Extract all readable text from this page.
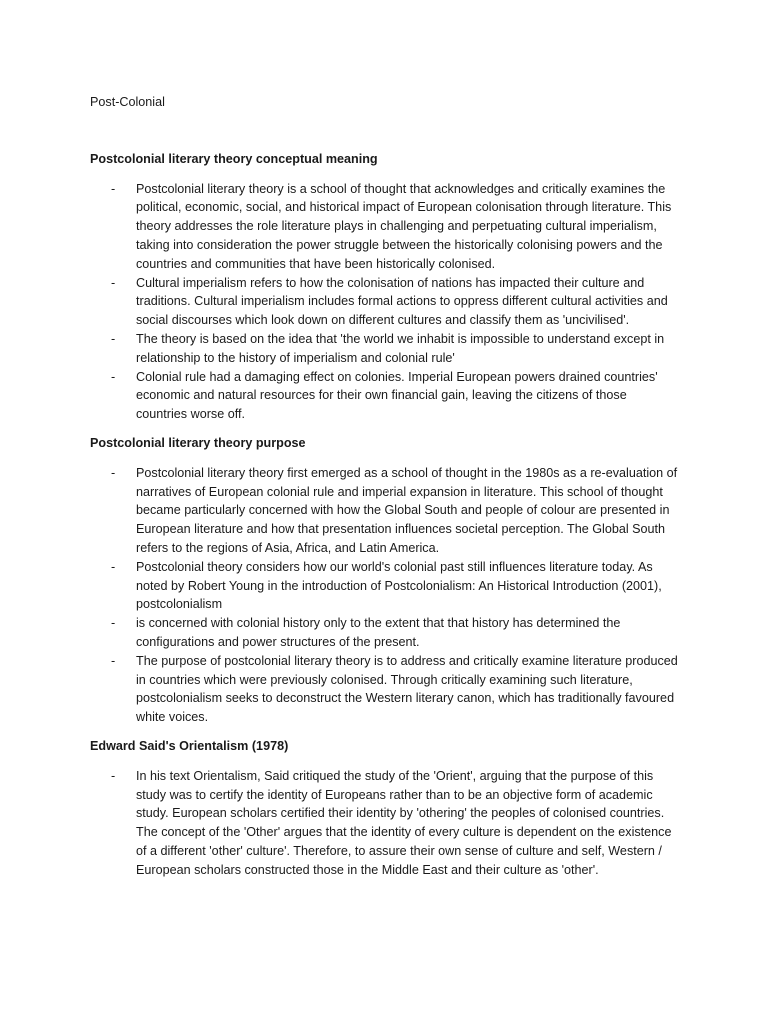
Post-Colonial

Postcolonial literary theory conceptual meaning

- Postcolonial literary theory is a school of thought that acknowledges and critically examines the political, economic, social, and historical impact of European colonisation through literature. This theory addresses the role literature plays in challenging and perpetuating cultural imperialism, taking into consideration the power struggle between the historically colonising powers and the countries and communities that have been historically colonised.
- Cultural imperialism refers to how the colonisation of nations has impacted their culture and traditions. Cultural imperialism includes formal actions to oppress different cultural activities and social discourses which look down on different cultures and classify them as 'uncivilised'.
- The theory is based on the idea that 'the world we inhabit is impossible to understand except in relationship to the history of imperialism and colonial rule'
- Colonial rule had a damaging effect on colonies. Imperial European powers drained countries' economic and natural resources for their own financial gain, leaving the citizens of those countries worse off.

Postcolonial literary theory purpose

- Postcolonial literary theory first emerged as a school of thought in the 1980s as a re-evaluation of narratives of European colonial rule and imperial expansion in literature. This school of thought became particularly concerned with how the Global South and people of colour are presented in European literature and how that presentation influences societal perception. The Global South refers to the regions of Asia, Africa, and Latin America.
- Postcolonial theory considers how our world's colonial past still influences literature today. As noted by Robert Young in the introduction of Postcolonialism: An Historical Introduction (2001), postcolonialism
- is concerned with colonial history only to the extent that that history has determined the configurations and power structures of the present.
- The purpose of postcolonial literary theory is to address and critically examine literature produced in countries which were previously colonised. Through critically examining such literature, postcolonialism seeks to deconstruct the Western literary canon, which has traditionally favoured white voices.

Edward Said's Orientalism (1978)

- In his text Orientalism, Said critiqued the study of the 'Orient', arguing that the purpose of this study was to certify the identity of Europeans rather than to be an objective form of academic study. European scholars certified their identity by 'othering' the peoples of colonised countries. The concept of the 'Other' argues that the identity of every culture is dependent on the existence of a different 'other' culture'. Therefore, to assure their own sense of culture and self, Western / European scholars constructed those in the Middle East and their culture as 'other'.
